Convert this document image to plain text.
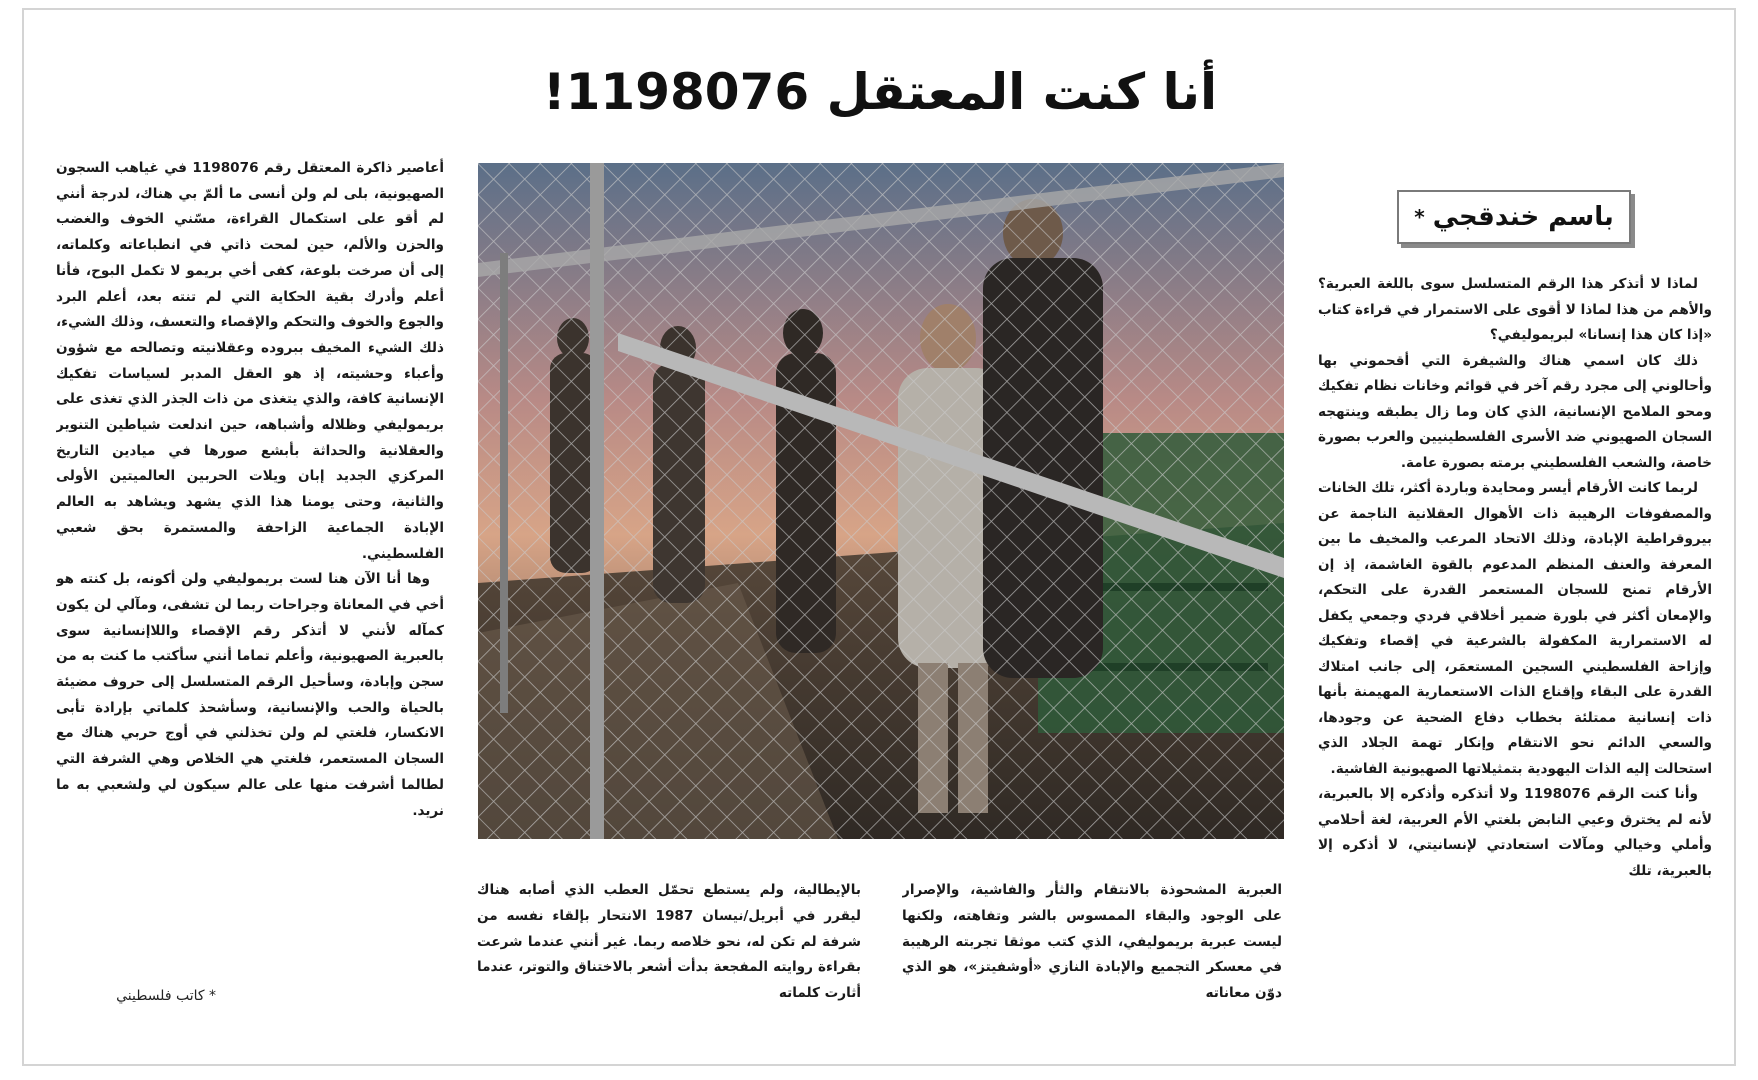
أنا كنت المعتقل 1198076!
باسم خندقجي
*

لماذا لا أتذكر هذا الرقم المتسلسل سوى باللغة العبرية؟ والأهم من هذا لماذا لا أقوى على الاستمرار في قراءة كتاب «إذا كان هذا إنسانا» لبريموليفي؟

ذلك كان اسمي هناك والشيفرة التي أقحموني بها وأحالوني إلى مجرد رقم آخر في قوائم وخانات نظام تفكيك ومحو الملامح الإنسانية، الذي كان وما زال يطبقه وينتهجه السجان الصهيوني ضد الأسرى الفلسطينيين والعرب بصورة خاصة، والشعب الفلسطيني برمته بصورة عامة.

لربما كانت الأرقام أيسر ومحايدة وباردة أكثر، تلك الخانات والمصفوفات الرهيبة ذات الأهوال العقلانية الناجمة عن بيروقراطية الإبادة، وذلك الاتحاد المرعب والمخيف ما بين المعرفة والعنف المنظم المدعوم بالقوة الغاشمة، إذ إن الأرقام تمنح للسجان المستعمر القدرة على التحكم، والإمعان أكثر في بلورة ضمير أخلاقي فردي وجمعي يكفل له الاستمرارية المكفولة بالشرعية في إقصاء وتفكيك وإزاحة الفلسطيني السجين المستعمَر، إلى جانب امتلاك القدرة على البقاء وإقناع الذات الاستعمارية المهيمنة بأنها ذات إنسانية ممتلئة بخطاب دفاع الضحية عن وجودها، والسعي الدائم نحو الانتقام وإنكار تهمة الجلاد الذي استحالت إليه الذات اليهودية بتمثيلاتها الصهيونية الفاشية.

وأنا كنت الرقم 1198076 ولا أتذكره وأذكره إلا بالعبرية، لأنه لم يخترق وعيي النابض بلغتي الأم العربية، لغة أحلامي وأملي وخيالي ومآلات استعادتي لإنسانيتي، لا أذكره إلا بالعبرية، تلك

العبرية المشحوذة بالانتقام والثأر والفاشية، والإصرار على الوجود والبقاء الممسوس بالشر وتفاهته، ولكنها ليست عبرية بريموليفي، الذي كتب موثقا تجربته الرهيبة في معسكر التجميع والإبادة النازي «أوشفيتز»، هو الذي دوّن معاناته

بالإيطالية، ولم يستطع تحمّل العطب الذي أصابه هناك ليقرر في أبريل/نيسان 1987 الانتحار بإلقاء نفسه من شرفة لم تكن له، نحو خلاصه ربما. غير أنني عندما شرعت بقراءة روايته المفجعة بدأت أشعر بالاختناق والتوتر، عندما أثارت كلماته

أعاصير ذاكرة المعتقل رقم 1198076 في غياهب السجون الصهيونية، بلى لم ولن أنسى ما ألمّ بي هناك، لدرجة أنني لم أقو على استكمال القراءة، مسّني الخوف والغضب والحزن والألم، حين لمحت ذاتي في انطباعاته وكلماته، إلى أن صرخت بلوعة، كفى أخي بريمو لا تكمل البوح، فأنا أعلم وأدرك بقية الحكاية التي لم تنته بعد، أعلم البرد والجوع والخوف والتحكم والإقصاء والتعسف، وذلك الشيء، ذلك الشيء المخيف ببروده وعقلانيته وتصالحه مع شؤون وأعباء وحشيته، إذ هو العقل المدبر لسياسات تفكيك الإنسانية كافة، والذي يتغذى من ذات الجذر الذي تغذى على بريموليفي وظلاله وأشباهه، حين اندلعت شياطين التنوير والعقلانية والحداثة بأبشع صورها في ميادين التاريخ المركزي الجديد إبان ويلات الحربين العالميتين الأولى والثانية، وحتى يومنا هذا الذي يشهد ويشاهد به العالم الإبادة الجماعية الزاحفة والمستمرة بحق شعبي الفلسطيني.

وها أنا الآن هنا لست بريموليفي ولن أكونه، بل كنته هو أخي في المعاناة وجراحات ربما لن تشفى، ومآلي لن يكون كمآله لأنني لا أتذكر رقم الإقصاء واللاإنسانية سوى بالعبرية الصهيونية، وأعلم تماما أنني سأكتب ما كنت به من سجن وإبادة، وسأحيل الرقم المتسلسل إلى حروف مضيئة بالحياة والحب والإنسانية، وسأشحذ كلماتي بإرادة تأبى الانكسار، فلغتي لم ولن تخذلني في أوج حربي هناك مع السجان المستعمر، فلغتي هي الخلاص وهي الشرفة التي لطالما أشرفت منها على عالم سيكون لي ولشعبي به ما نريد.

* كاتب فلسطيني
